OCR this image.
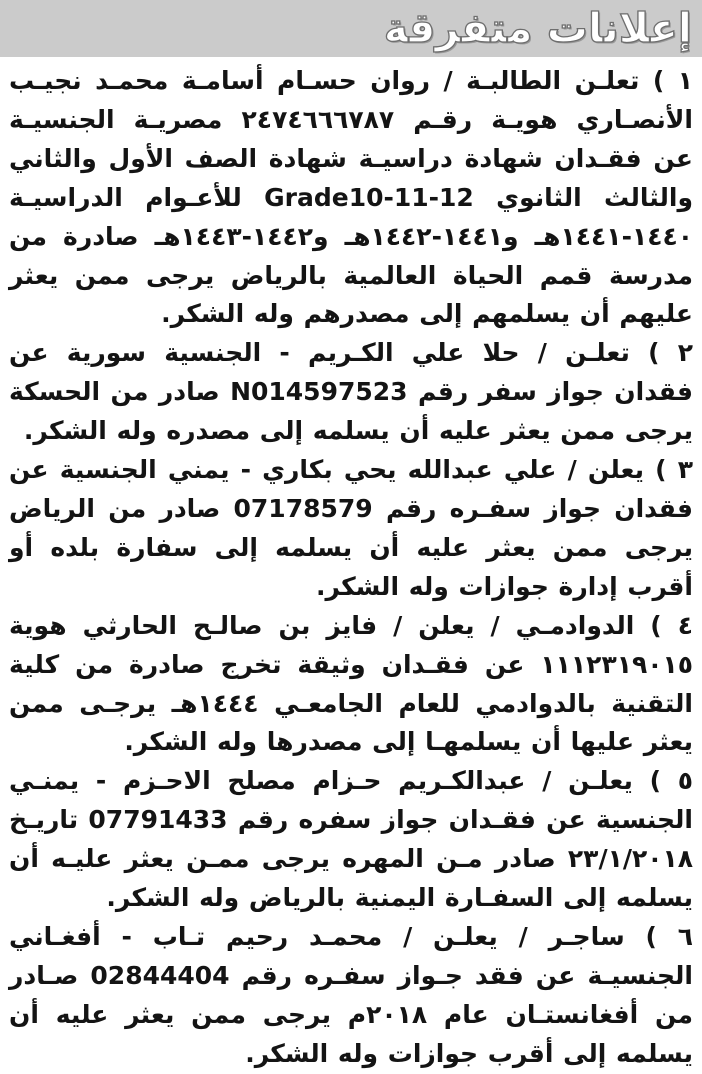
إعلانات متفرقة

١ ) تعلـن الطالبـة / روان حسـام أسامـة محمـد نجيـب الأنصـاري هويـة رقـم ٢٤٧٤٦٦٦٧٨٧ مصريـة الجنسيـة عن فقـدان شهادة دراسيـة شهادة الصف الأول والثاني والثالث الثانوي Grade10-11-12 للأعـوام الدراسيـة ١٤٤٠-١٤٤١هـ و١٤٤١-١٤٤٢هـ و١٤٤٢-١٤٤٣هـ صادرة من مدرسة قمم الحياة العالمية بالرياض يرجى ممن يعثر عليهم أن يسلمهم إلى مصدرهم وله الشكر.

٢ ) تعلـن / حلا علي الكـريم - الجنسية سورية عن فقدان جواز سفر رقم N014597523 صادر من الحسكة يرجى ممن يعثر عليه أن يسلمه إلى مصدره وله الشكر.

٣ ) يعلن / علي عبدالله يحي بكاري - يمني الجنسية عن فقدان جواز سفـره رقم 07178579 صادر من الرياض يرجى ممن يعثر عليه أن يسلمه إلى سفارة بلده أو أقرب إدارة جوازات وله الشكر.

٤ ) الدوادمـي / يعلن / فايز بن صالـح الحارثي هوية ١١١٢٣١٩٠١٥ عن فقـدان وثيقة تخرج صادرة من كلية التقنية بالدوادمي للعام الجامعـي ١٤٤٤هـ يرجـى ممن يعثر عليها أن يسلمهـا إلى مصدرها وله الشكر.

٥ ) يعلـن / عبدالكـريم حـزام مصلح الاحـزم - يمنـي الجنسية عن فقـدان جواز سفره رقم 07791433 تاريـخ ٢٣/١/٢٠١٨ صادر مـن المهره يرجى ممـن يعثر عليـه أن يسلمه إلى السفـارة اليمنية بالرياض وله الشكر.

٦ ) ساجـر / يعلـن / محمـد رحيم تـاب - أفغـاني الجنسيـة عن فقد جـواز سفـره رقم 02844404 صـادر من أفغانستـان عام ٢٠١٨م يرجى ممن يعثر عليه أن يسلمه إلى أقرب جوازات وله الشكر.
